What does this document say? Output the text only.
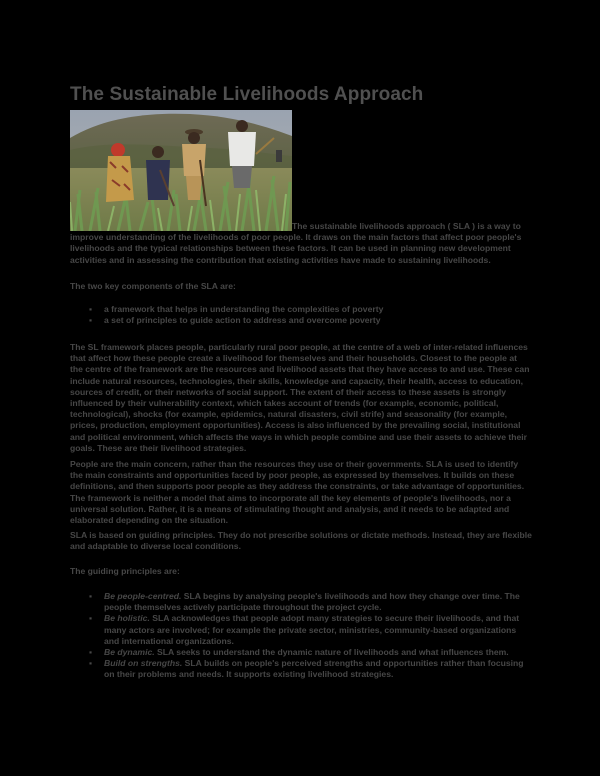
The Sustainable Livelihoods Approach

The sustainable livelihoods approach ( SLA ) is a way to improve understanding of the livelihoods of poor people. It draws on the main factors that affect poor people's livelihoods and the typical relationships between these factors. It can be used in planning new development activities and in assessing the contribution that existing activities have made to sustaining livelihoods.

The two key components of the SLA are:

▪ a framework that helps in understanding the complexities of poverty
▪ a set of principles to guide action to address and overcome poverty

The SL framework places people, particularly rural poor people, at the centre of a web of inter-related influences that affect how these people create a livelihood for themselves and their households. Closest to the people at the centre of the framework are the resources and livelihood assets that they have access to and use. These can include natural resources, technologies, their skills, knowledge and capacity, their health, access to education, sources of credit, or their networks of social support. The extent of their access to these assets is strongly influenced by their vulnerability context, which takes account of trends (for example, economic, political, technological), shocks (for example, epidemics, natural disasters, civil strife) and seasonality (for example, prices, production, employment opportunities). Access is also influenced by the prevailing social, institutional and political environment, which affects the ways in which people combine and use their assets to achieve their goals. These are their livelihood strategies.

People are the main concern, rather than the resources they use or their governments. SLA is used to identify the main constraints and opportunities faced by poor people, as expressed by themselves. It builds on these definitions, and then supports poor people as they address the constraints, or take advantage of opportunities. The framework is neither a model that aims to incorporate all the key elements of people's livelihoods, nor a universal solution. Rather, it is a means of stimulating thought and analysis, and it needs to be adapted and elaborated depending on the situation.

SLA is based on guiding principles. They do not prescribe solutions or dictate methods. Instead, they are flexible and adaptable to diverse local conditions.

The guiding principles are:

▪ Be people-centred. SLA begins by analysing people's livelihoods and how they change over time. The people themselves actively participate throughout the project cycle.
▪ Be holistic. SLA acknowledges that people adopt many strategies to secure their livelihoods, and that many actors are involved; for example the private sector, ministries, community-based organizations and international organizations.
▪ Be dynamic. SLA seeks to understand the dynamic nature of livelihoods and what influences them.
▪ Build on strengths. SLA builds on people's perceived strengths and opportunities rather than focusing on their problems and needs. It supports existing livelihood strategies.
